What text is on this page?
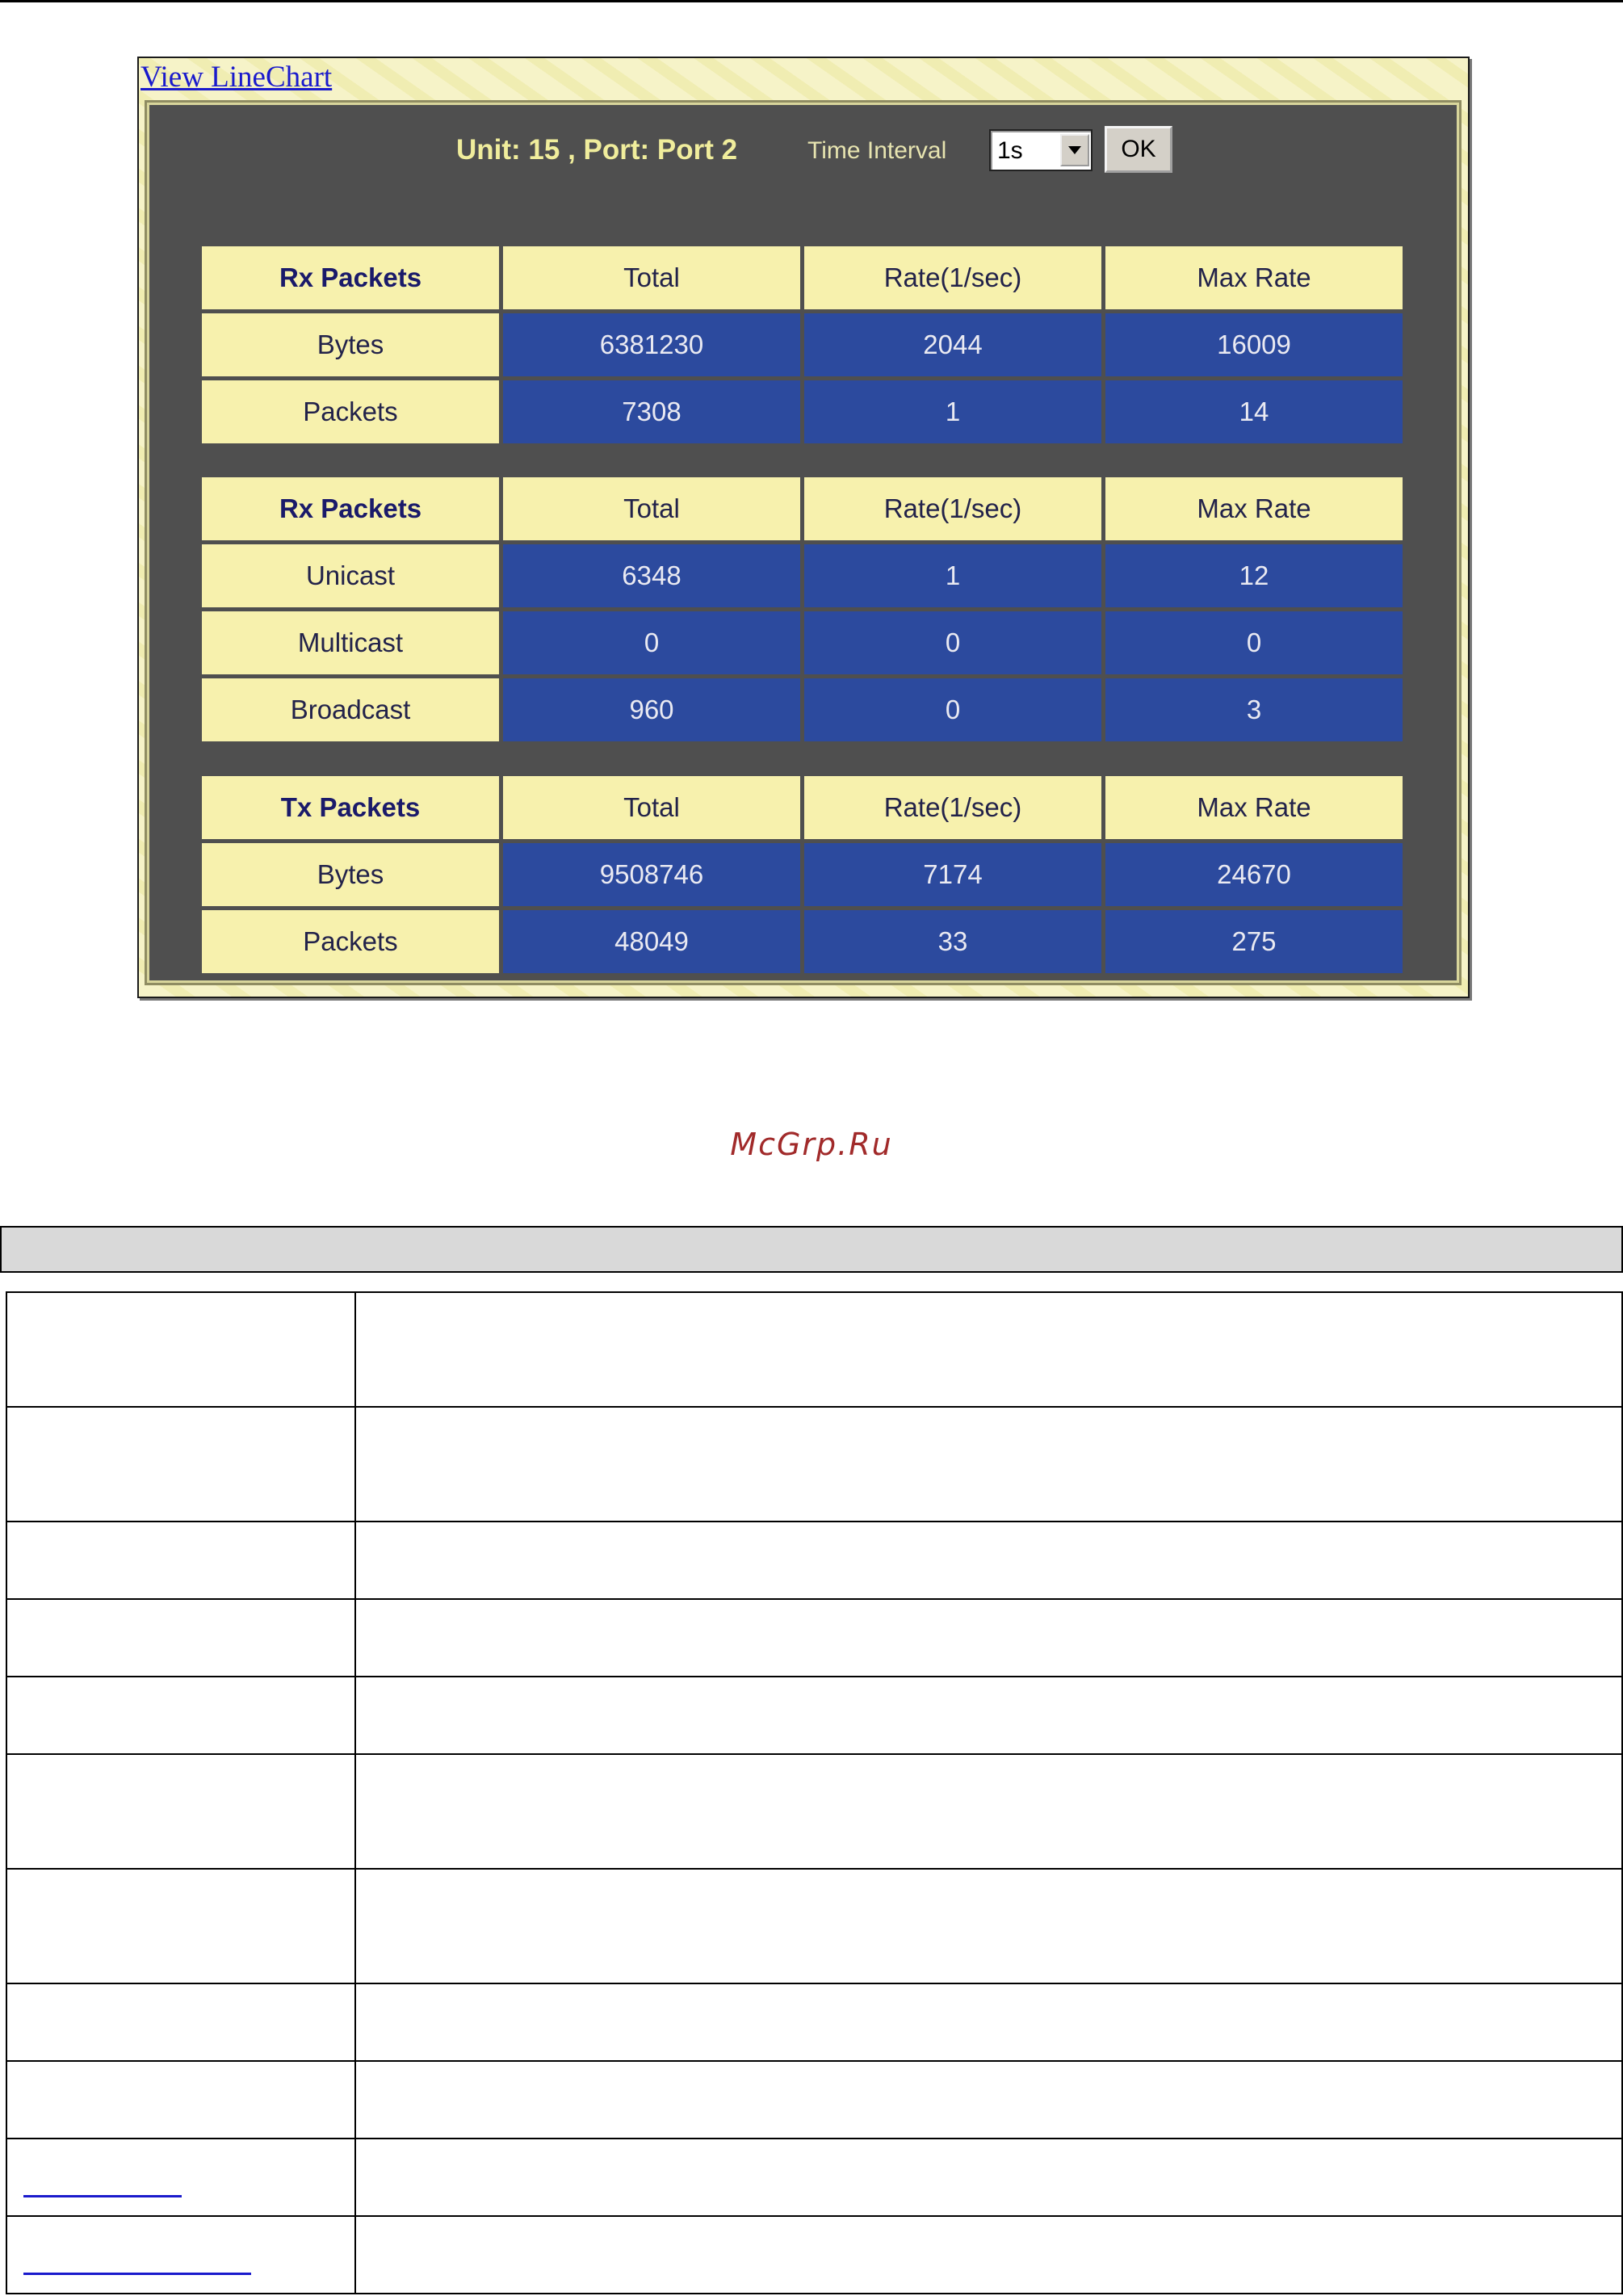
View LineChart
Unit: 15 , Port: Port 2	Time Interval 1s	OK
Rx Packets	Total	Rate(1/sec)	Max Rate
Bytes	6381230	2044	16009
Packets	7308	1	14
Rx Packets	Total	Rate(1/sec)	Max Rate
Unicast	6348	1	12
Multicast	0	0	0
Broadcast	960	0	3
Tx Packets	Total	Rate(1/sec)	Max Rate
Bytes	9508746	7174	24670
Packets	48049	33	275
McGrp.Ru
